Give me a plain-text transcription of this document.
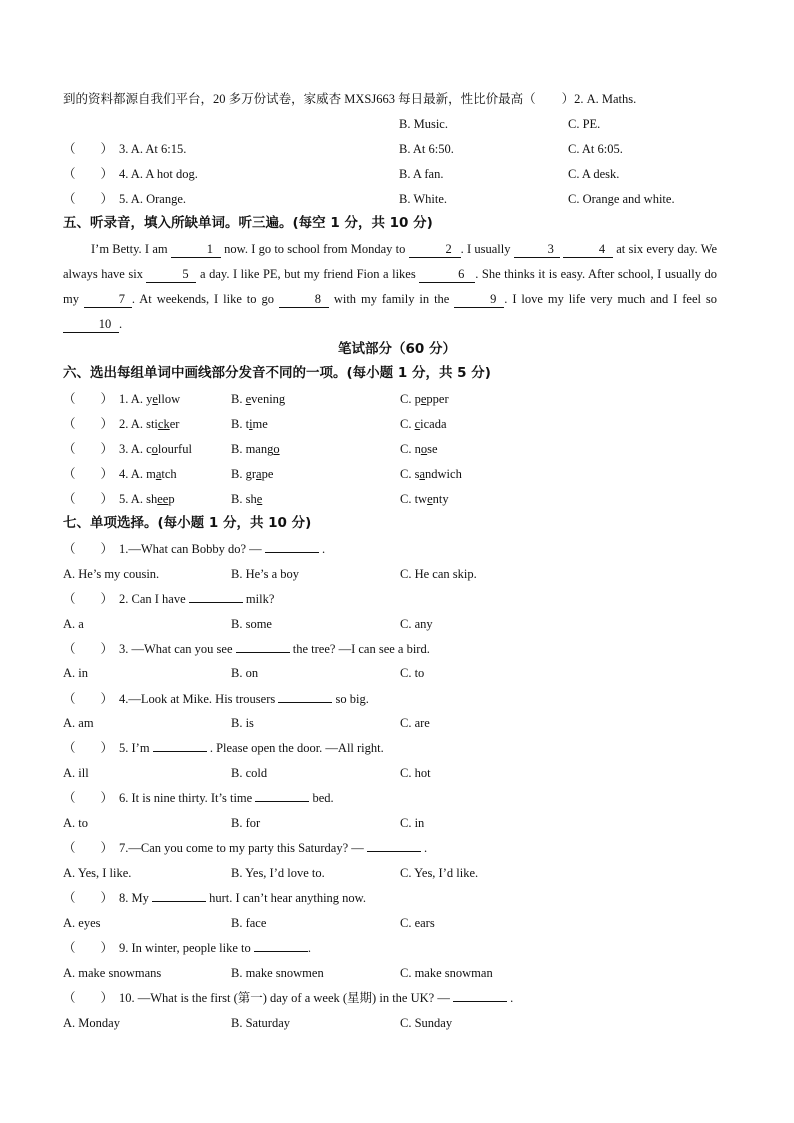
到的资料都源自我们平台，20 多万份试卷，家威杏 MXSJ663 每日最新，性比价最高（ ）2. A. Maths.
B. Music.	C. PE.
（　　） 3. A. At 6:15.	B. At 6:50.	C. At 6:05.
（　　） 4. A. A hot dog.	B. A fan.	C. A desk.
（　　） 5. A. Orange.	B. White.	C. Orange and white.
五、听录音，填入所缺单词。听三遍。(每空 1 分，共 10 分)
I’m Betty. I am	1 now. I go to school from Monday to	2 . I usually	3	4 at six every day. We always have six	5 a day. I like PE, but my friend Fion a likes	6 . She thinks it is easy. After school, I usually do my	7 . At weekends, I like to go	8 with my family in the	9 . I love my life very much and I feel so 10 .
笔试部分（60 分）
六、选出每组单词中画线部分发音不同的一项。(每小题 1 分，共 5 分)
（　　） 1. A. yellow	B. evening	C. pepper
（　　） 2. A. sticker	B. time	C. cicada
（　　） 3. A. colourful	B. mango	C. nose
（　　） 4. A. match	B. grape	C. sandwich
（　　） 5. A. sheep	B. she	C. twenty
七、单项选择。(每小题 1 分，共 10 分)
（　　） 1.—What can Bobby do? —	.
A. He’s my cousin.	B. He’s a boy	C. He can skip.
（　　） 2. Can I have	milk?
A. a	B. some	C. any
（　　） 3. —What can you see	the tree? —I can see a bird.
A. in	B. on	C. to
（　　） 4.—Look at Mike. His trousers	so big.
A. am	B. is	C. are
（　　） 5. I’m	. Please open the door. —All right.
A. ill	B. cold	C. hot
（　　） 6. It is nine thirty. It’s time	bed.
A. to	B. for	C. in
（　　） 7.—Can you come to my party this Saturday? —	.
A. Yes, I like.	B. Yes, I’d love to.	C. Yes, I’d like.
（　　） 8. My	hurt. I can’t hear anything now.
A. eyes	B. face	C. ears
（　　） 9. In winter, people like to	.
A. make snowmans	B. make snowmen	C. make snowman
（　　） 10. —What is the first (第一) day of a week (星期) in the UK? —	.
A. Monday	B. Saturday	C. Sunday
